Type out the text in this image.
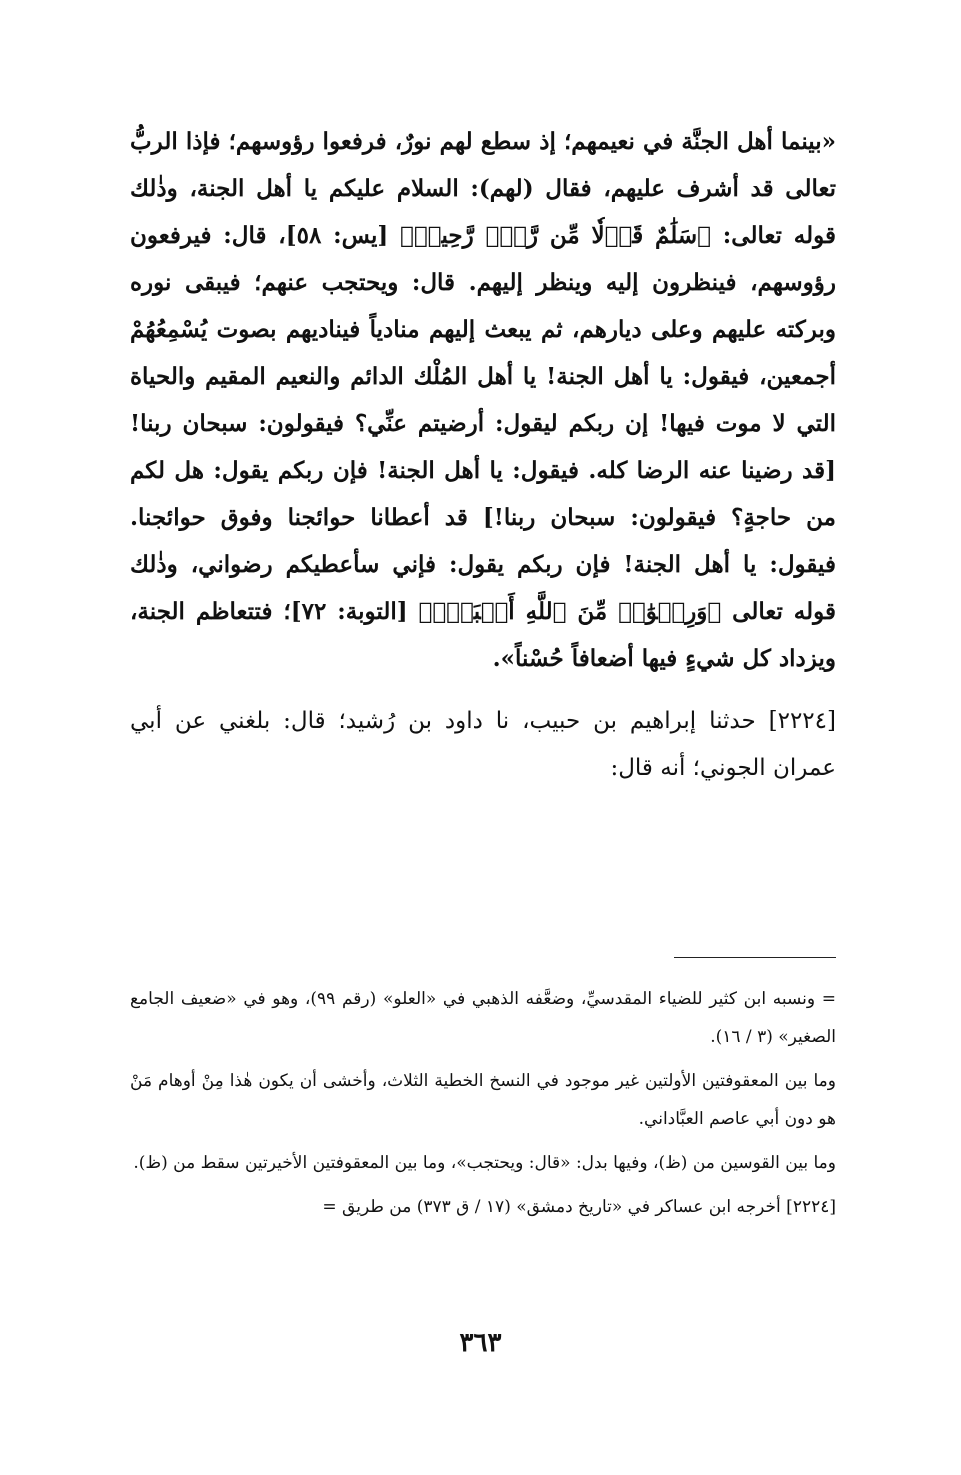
«بينما أهل الجنَّة في نعيمهم؛ إذ سطع لهم نورٌ، فرفعوا رؤوسهم؛ فإذا الربُّ تعالى قد أشرف عليهم، فقال (لهم): السلام عليكم يا أهل الجنة، وذٰلك قوله تعالى: ﴿سَلَٰمٌ قَوۡلٗا مِّن رَّبّٖ رَّحِيمٖ﴾ [يس: ٥٨]، قال: فيرفعون رؤوسهم، فينظرون إليه وينظر إليهم. قال: ويحتجب عنهم؛ فيبقى نوره وبركته عليهم وعلى ديارهم، ثم يبعث إليهم منادياً فيناديهم بصوت يُسْمِعُهُمْ أجمعين، فيقول: يا أهل الجنة! يا أهل المُلْك الدائم والنعيم المقيم والحياة التي لا موت فيها! إن ربكم ليقول: أرضيتم عنِّي؟ فيقولون: سبحان ربنا! [قد رضينا عنه الرضا كله. فيقول: يا أهل الجنة! فإن ربكم يقول: هل لكم من حاجةٍ؟ فيقولون: سبحان ربنا!] قد أعطانا حوائجنا وفوق حوائجنا. فيقول: يا أهل الجنة! فإن ربكم يقول: فإني سأعطيكم رضواني، وذٰلك قوله تعالى ﴿وَرِضۡوَٰنٞ مِّنَ ٱللَّهِ أَكۡبَرُۚ﴾ [التوبة: ٧٢]؛ فتتعاظم الجنة، ويزداد كل شيءٍ فيها أضعافاً حُسْناً».

[٢٢٢٤] حدثنا إبراهيم بن حبيب، نا داود بن رُشيد؛ قال: بلغني عن أبي عمران الجوني؛ أنه قال:

= ونسبه ابن كثير للضياء المقدسيِّ، وضعَّفه الذهبي في «العلو» (رقم ٩٩)، وهو في «ضعيف الجامع الصغير» (٣ / ١٦).

وما بين المعقوفتين الأولتين غير موجود في النسخ الخطية الثلاث، وأخشى أن يكون هٰذا مِنْ أوهام مَنْ هو دون أبي عاصم العبَّاداني.

وما بين القوسين من (ظ)، وفيها بدل: «قال: ويحتجب»، وما بين المعقوفتين الأخيرتين سقط من (ظ).

[٢٢٢٤] أخرجه ابن عساكر في «تاريخ دمشق» (١٧ / ق ٣٧٣) من طريق =

٣٦٣
